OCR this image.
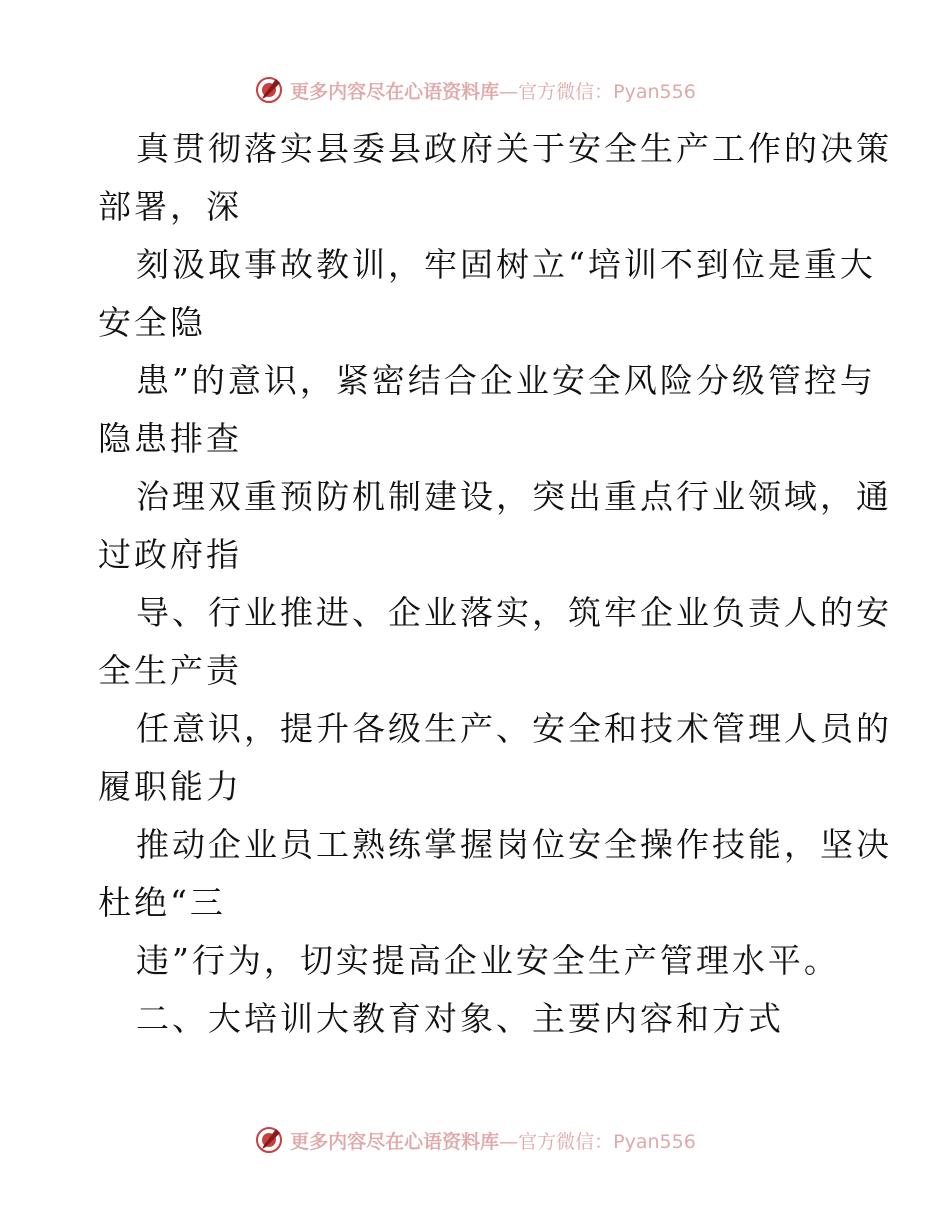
更多内容尽在心语资料库 —官方微信：Pyan556
真贯彻落实县委县政府关于安全生产工作的决策
部署，深
刻汲取事故教训，牢固树立“培训不到位是重大
安全隐
患”的意识，紧密结合企业安全风险分级管控与
隐患排查
治理双重预防机制建设，突出重点行业领域，通
过政府指
导、行业推进、企业落实，筑牢企业负责人的安
全生产责
任意识，提升各级生产、安全和技术管理人员的
履职能力
推动企业员工熟练掌握岗位安全操作技能，坚决
杜绝“三
违”行为，切实提高企业安全生产管理水平。
二、大培训大教育对象、主要内容和方式
更多内容尽在心语资料库 —官方微信：Pyan556
